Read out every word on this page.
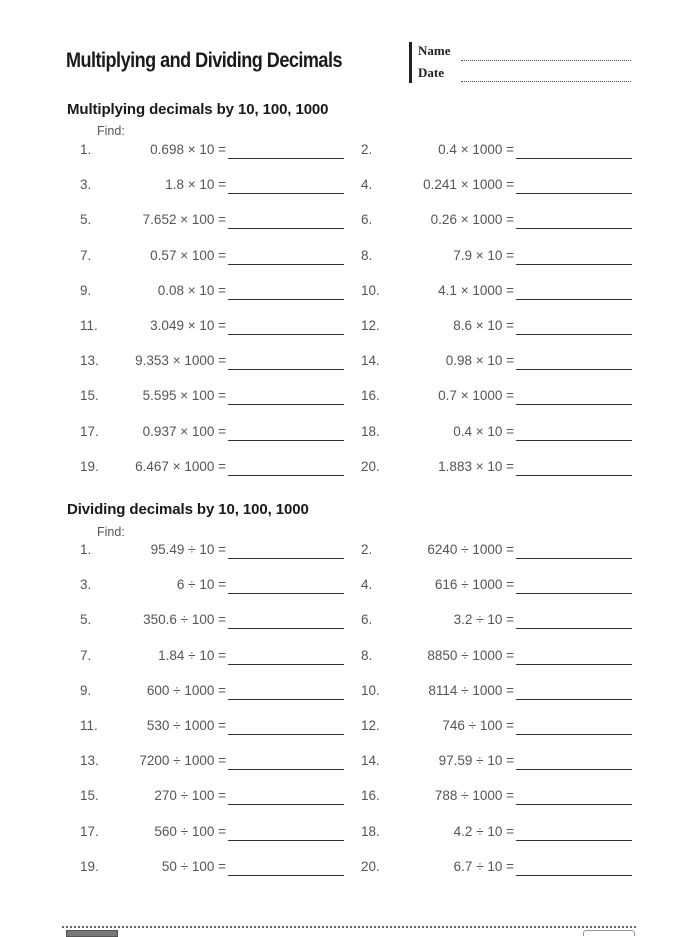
Multiplying and Dividing Decimals	Name
Date
Multiplying decimals by 10, 100, 1000
Find:
1.	0.698 × 10 =	2.	0.4 × 1000 =
3.	1.8 × 10 =	4.	0.241 × 1000 =
5.	7.652 × 100 =	6.	0.26 × 1000 =
7.	0.57 × 100 =	8.	7.9 × 10 =
9.	0.08 × 10 =	10.	4.1 × 1000 =
11.	3.049 × 10 =	12.	8.6 × 10 =
13.	9.353 × 1000 =	14.	0.98 × 10 =
15.	5.595 × 100 =	16.	0.7 × 1000 =
17.	0.937 × 100 =	18.	0.4 × 10 =
19.	6.467 × 1000 =	20.	1.883 × 10 =
Dividing decimals by 10, 100, 1000
Find:
1.	95.49 ÷ 10 =	2.	6240 ÷ 1000 =
3.	6 ÷ 10 =	4.	616 ÷ 1000 =
5.	350.6 ÷ 100 =	6.	3.2 ÷ 10 =
7.	1.84 ÷ 10 =	8.	8850 ÷ 1000 =
9.	600 ÷ 1000 =	10.	8114 ÷ 1000 =
11.	530 ÷ 1000 =	12.	746 ÷ 100 =
13.	7200 ÷ 1000 =	14.	97.59 ÷ 10 =
15.	270 ÷ 100 =	16.	788 ÷ 1000 =
17.	560 ÷ 100 =	18.	4.2 ÷ 10 =
19.	50 ÷ 100 =	20.	6.7 ÷ 10 =
